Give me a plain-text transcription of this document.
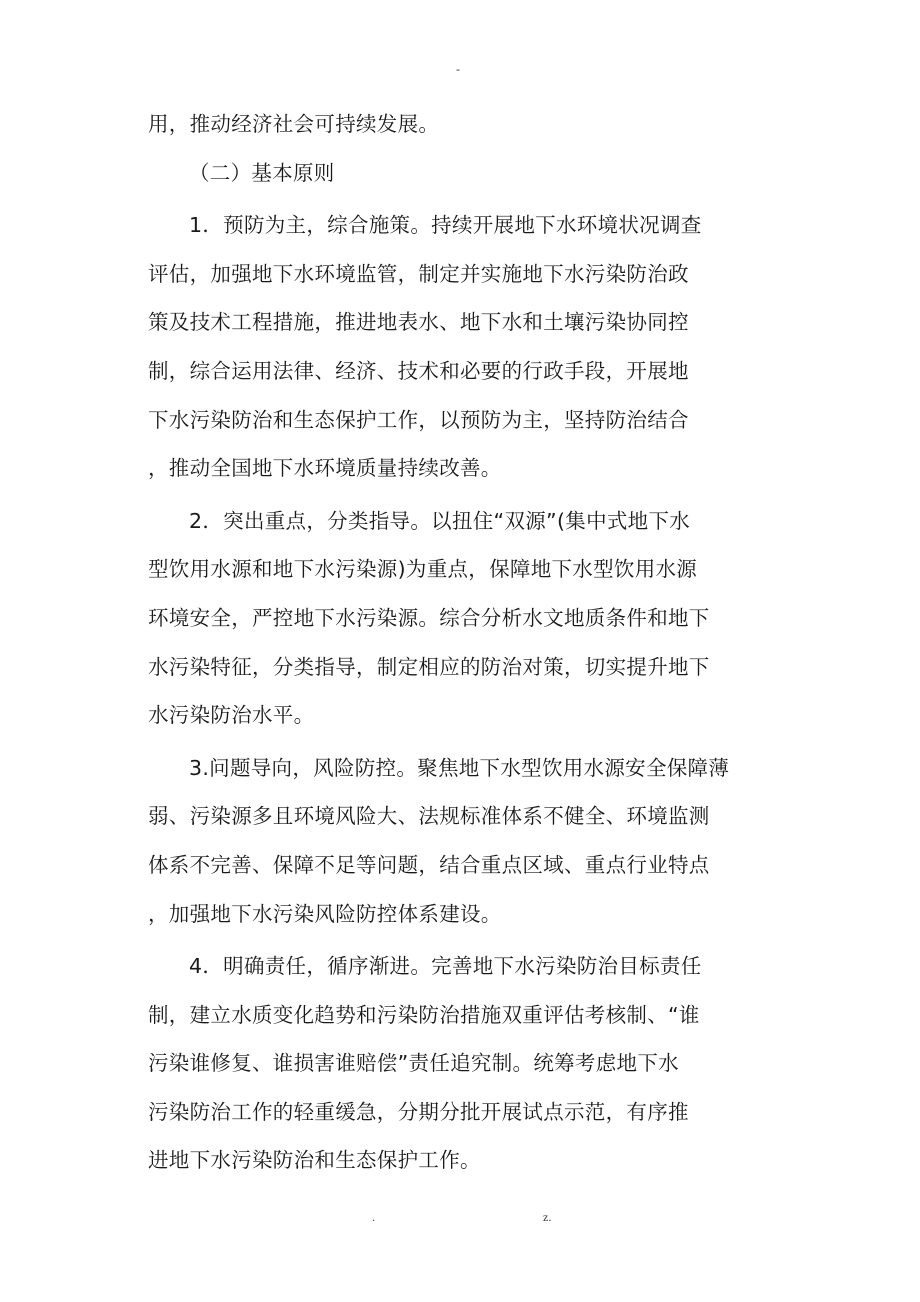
-
用，推动经济社会可持续发展。
（二）基本原则
1．预防为主，综合施策。持续开展地下水环境状况调查
评估，加强地下水环境监管，制定并实施地下水污染防治政
策及技术工程措施，推进地表水、地下水和土壤污染协同控
制，综合运用法律、经济、技术和必要的行政手段，开展地
下水污染防治和生态保护工作，以预防为主，坚持防治结合
，推动全国地下水环境质量持续改善。
2．突出重点，分类指导。以扭住“双源”(集中式地下水
型饮用水源和地下水污染源)为重点，保障地下水型饮用水源
环境安全，严控地下水污染源。综合分析水文地质条件和地下
水污染特征，分类指导，制定相应的防治对策，切实提升地下
水污染防治水平。
3.问题导向，风险防控。聚焦地下水型饮用水源安全保障薄
弱、污染源多且环境风险大、法规标准体系不健全、环境监测
体系不完善、保障不足等问题，结合重点区域、重点行业特点
，加强地下水污染风险防控体系建设。
4．明确责任，循序渐进。完善地下水污染防治目标责任
制，建立水质变化趋势和污染防治措施双重评估考核制、“谁
污染谁修复、谁损害谁赔偿”责任追究制。统筹考虑地下水
污染防治工作的轻重缓急，分期分批开展试点示范，有序推
进地下水污染防治和生态保护工作。
.	z.
